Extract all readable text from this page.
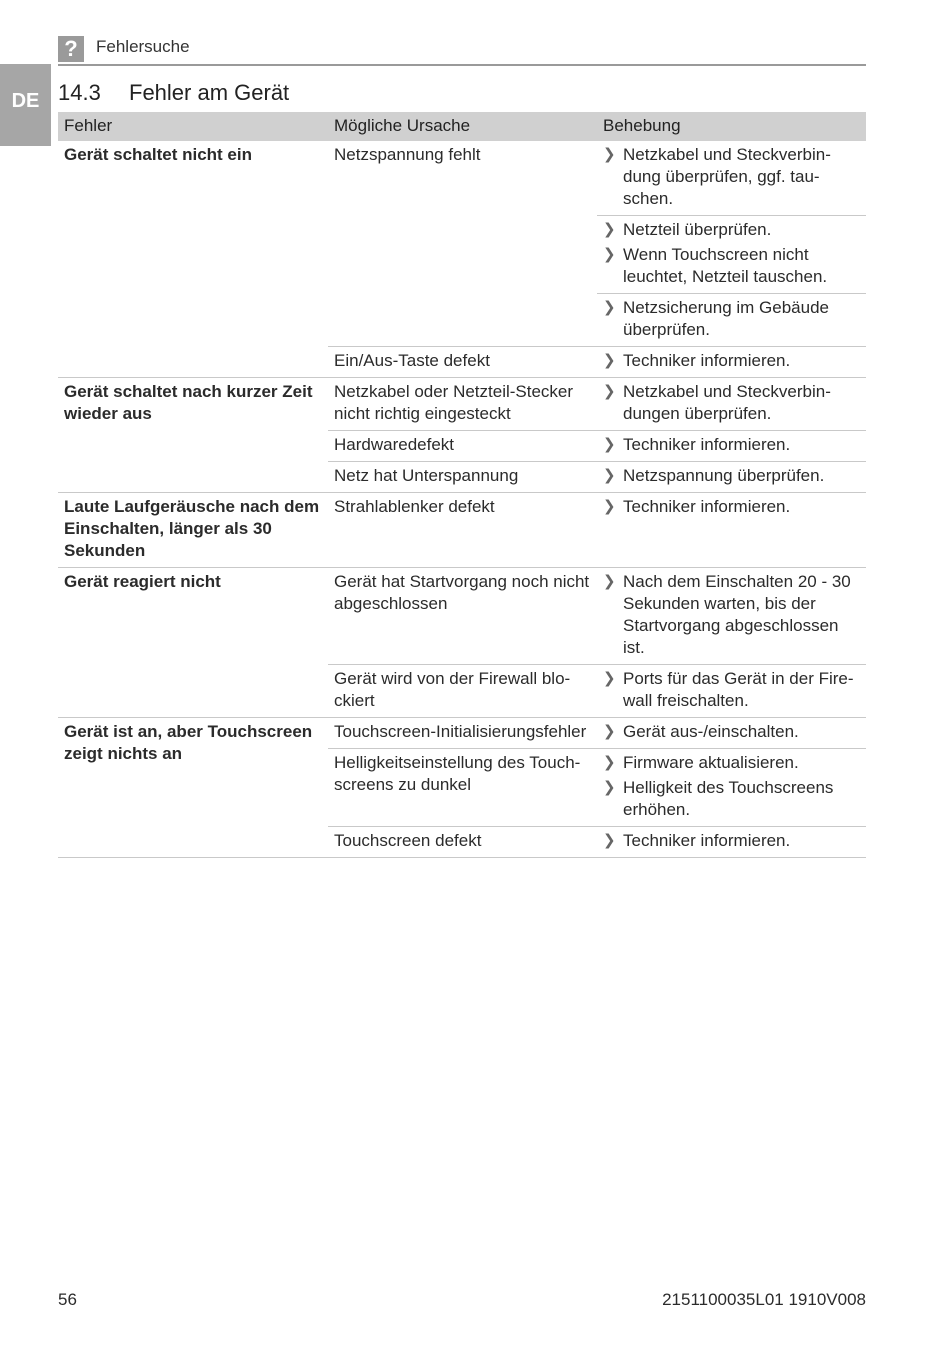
?	Fehlersuche
DE 14.3 Fehler am Gerät
Fehler	Mögliche Ursache	Behebung
Gerät schaltet nicht ein	Netzspannung fehlt	❯ Netzkabel und Steckverbin-dung überprüfen, ggf. tau-schen.

		❯ Netzteil überprüfen.
❯ Wenn Touchscreen nicht leuchtet, Netzteil tauschen.

		❯ Netzsicherung im Gebäude überprüfen.

	Ein/Aus-Taste defekt	❯ Techniker informieren.

Gerät schaltet nach kurzer Zeit wieder aus	Netzkabel oder Netzteil-Stecker nicht richtig eingesteckt	❯ Netzkabel und Steckverbin-dungen überprüfen.

	Hardwaredefekt	❯ Techniker informieren.

	Netz hat Unterspannung	❯ Netzspannung überprüfen.

Laute Laufgeräusche nach dem Einschalten, länger als 30 Sekunden	Strahlablenker defekt	❯ Techniker informieren.

Gerät reagiert nicht	Gerät hat Startvorgang noch nicht abgeschlossen	❯ Nach dem Einschalten 20 - 30 Sekunden warten, bis der Startvorgang abgeschlossen ist.

	Gerät wird von der Firewall blo-ckiert	❯ Ports für das Gerät in der Fire-wall freischalten.

Gerät ist an, aber Touchscreen zeigt nichts an	Touchscreen-Initialisierungsfehler	❯ Gerät aus-/einschalten.

	Helligkeitseinstellung des Touch-screens zu dunkel	❯ Firmware aktualisieren.
❯ Helligkeit des Touchscreens erhöhen.

	Touchscreen defekt	❯ Techniker informieren.
56	2151100035L01 1910V008
